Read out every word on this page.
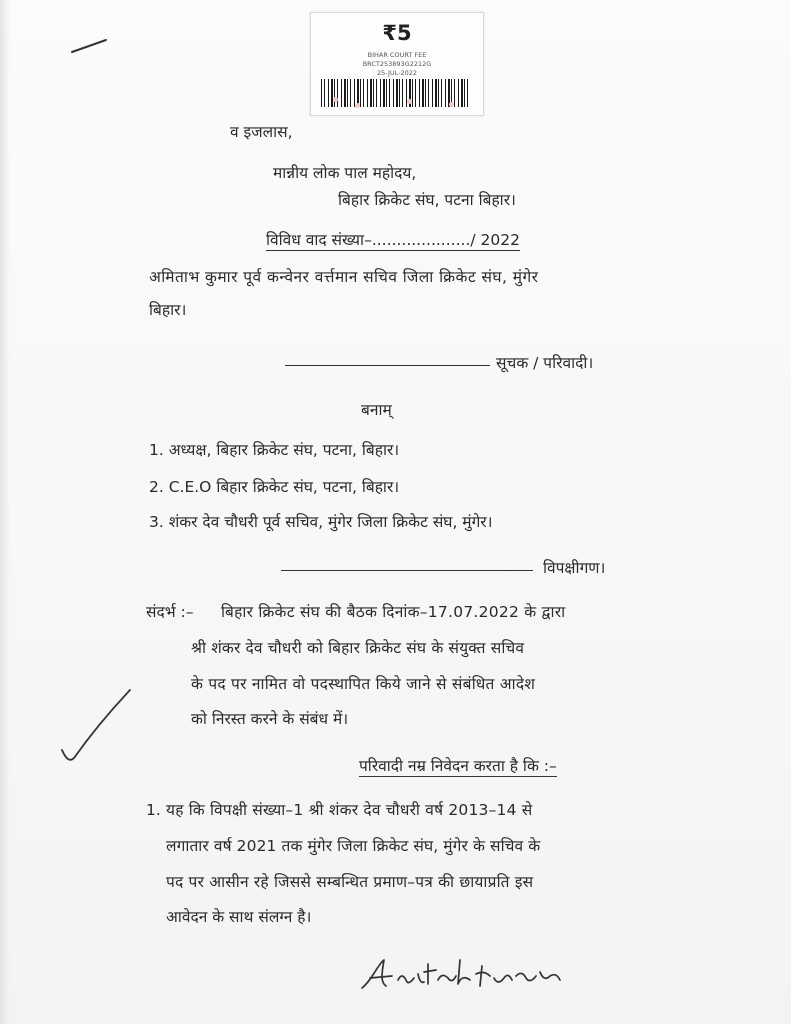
₹5
BIHAR COURT FEE
BRCT253893G2212G
25-JUL-2022
व इजलास,
मान्नीय लोक पाल महोदय,
बिहार क्रिकेट संघ, पटना बिहार।
विविध वाद संख्या–..................../ 2022
अमिताभ कुमार पूर्व कन्वेनर वर्त्तमान सचिव जिला क्रिकेट संघ, मुंगेर
बिहार।
सूचक / परिवादी।
बनाम्
1. अध्यक्ष, बिहार क्रिकेट संघ, पटना, बिहार।
2. C.E.O बिहार क्रिकेट संघ, पटना, बिहार।
3. शंकर देव चौधरी पूर्व सचिव, मुंगेर जिला क्रिकेट संघ, मुंगेर।
विपक्षीगण।
संदर्भ :– बिहार क्रिकेट संघ की बैठक दिनांक–17.07.2022 के द्वारा
श्री शंकर देव चौधरी को बिहार क्रिकेट संघ के संयुक्त सचिव
के पद पर नामित वो पदस्थापित किये जाने से संबंधित आदेश
को निरस्त करने के संबंध में।
परिवादी नम्र निवेदन करता है कि :–
1. यह कि विपक्षी संख्या–1 श्री शंकर देव चौधरी वर्ष 2013–14 से
लगातार वर्ष 2021 तक मुंगेर जिला क्रिकेट संघ, मुंगेर के सचिव के
पद पर आसीन रहे जिससे सम्बन्धित प्रमाण–पत्र की छायाप्रति इस
आवेदन के साथ संलग्न है।
